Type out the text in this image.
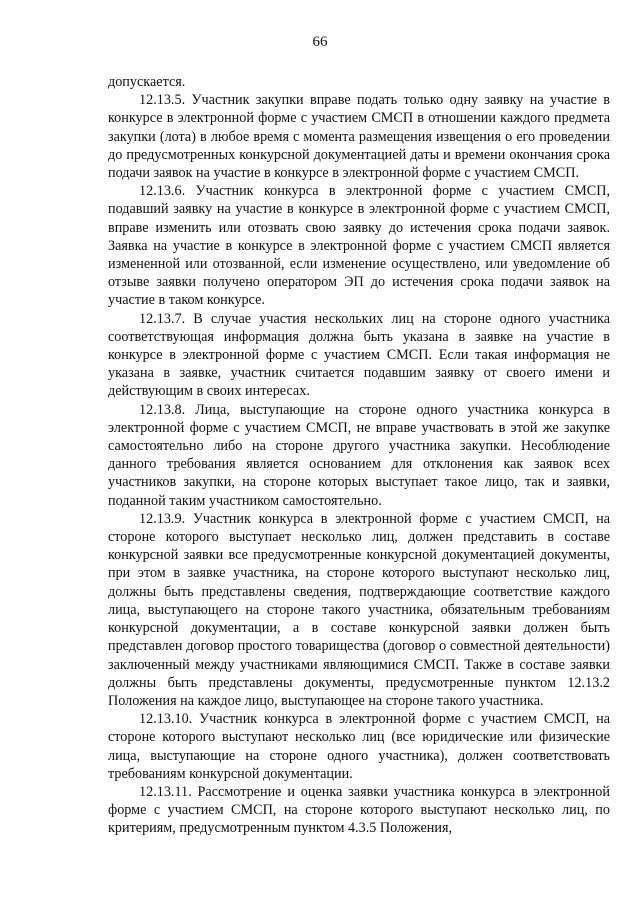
66

допускается.

12.13.5. Участник закупки вправе подать только одну заявку на участие в конкурсе в электронной форме с участием СМСП в отношении каждого предмета закупки (лота) в любое время с момента размещения извещения о его проведении до предусмотренных конкурсной документацией даты и времени окончания срока подачи заявок на участие в конкурсе в электронной форме с участием СМСП.

12.13.6. Участник конкурса в электронной форме с участием СМСП, подавший заявку на участие в конкурсе в электронной форме с участием СМСП, вправе изменить или отозвать свою заявку до истечения срока подачи заявок. Заявка на участие в конкурсе в электронной форме с участием СМСП является измененной или отозванной, если изменение осуществлено, или уведомление об отзыве заявки получено оператором ЭП до истечения срока подачи заявок на участие в таком конкурсе.

12.13.7. В случае участия нескольких лиц на стороне одного участника соответствующая информация должна быть указана в заявке на участие в конкурсе в электронной форме с участием СМСП. Если такая информация не указана в заявке, участник считается подавшим заявку от своего имени и действующим в своих интересах.

12.13.8. Лица, выступающие на стороне одного участника конкурса в электронной форме с участием СМСП, не вправе участвовать в этой же закупке самостоятельно либо на стороне другого участника закупки. Несоблюдение данного требования является основанием для отклонения как заявок всех участников закупки, на стороне которых выступает такое лицо, так и заявки, поданной таким участником самостоятельно.

12.13.9. Участник конкурса в электронной форме с участием СМСП, на стороне которого выступает несколько лиц, должен представить в составе конкурсной заявки все предусмотренные конкурсной документацией документы, при этом в заявке участника, на стороне которого выступают несколько лиц, должны быть представлены сведения, подтверждающие соответствие каждого лица, выступающего на стороне такого участника, обязательным требованиям конкурсной документации, а в составе конкурсной заявки должен быть представлен договор простого товарищества (договор о совместной деятельности) заключенный между участниками являющимися СМСП. Также в составе заявки должны быть представлены документы, предусмотренные пунктом 12.13.2 Положения на каждое лицо, выступающее на стороне такого участника.

12.13.10. Участник конкурса в электронной форме с участием СМСП, на стороне которого выступают несколько лиц (все юридические или физические лица, выступающие на стороне одного участника), должен соответствовать требованиям конкурсной документации.

12.13.11. Рассмотрение и оценка заявки участника конкурса в электронной форме с участием СМСП, на стороне которого выступают несколько лиц, по критериям, предусмотренным пунктом 4.3.5 Положения,
